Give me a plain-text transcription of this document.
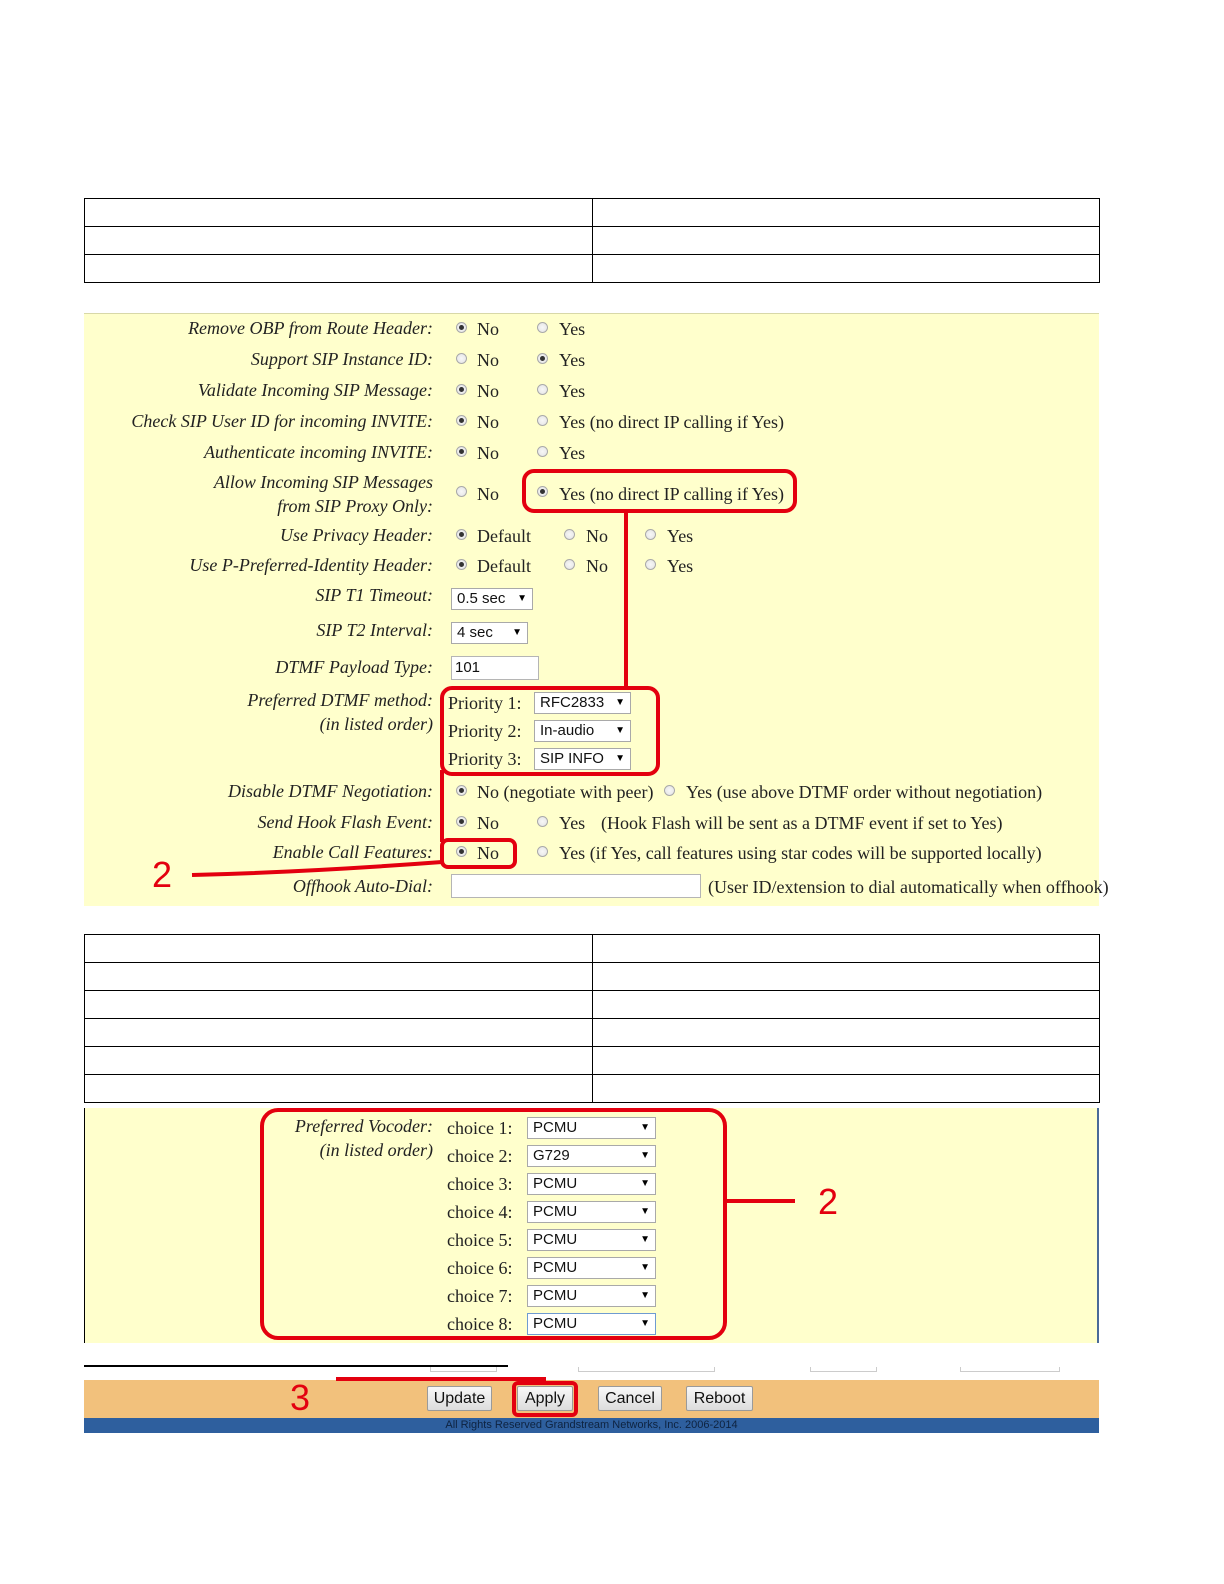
Remove OBP from Route Header: No	Yes
Support SIP Instance ID: No	Yes
Validate Incoming SIP Message: No	Yes
Check SIP User ID for incoming INVITE: No	Yes (no direct IP calling if Yes)
Authenticate incoming INVITE: No	Yes
Allow Incoming SIP Messages
from SIP Proxy Only:
No	Yes (no direct IP calling if Yes)
Use Privacy Header: Default	No	Yes
Use P-Preferred-Identity Header: Default	No	Yes
SIP T1 Timeout:	0.5 sec ▼
SIP T2 Interval:	4 sec ▼
DTMF Payload Type: 101
Preferred DTMF method:
(in listed order)
Priority 1:	RFC2833 ▼
Priority 2:	In-audio ▼
Priority 3:	SIP INFO ▼
Disable DTMF Negotiation: No (negotiate with peer) Yes (use above DTMF order without negotiation)
Send Hook Flash Event: No	Yes (Hook Flash will be sent as a DTMF event if set to Yes)
Enable Call Features: No	Yes (if Yes, call features using star codes will be supported locally)
Offhook Auto-Dial:	(User ID/extension to dial automatically when offhook)
2

Preferred Vocoder:
(in listed order)
choice 1:	PCMU	▼
choice 2:	G729	▼
choice 3:	PCMU	▼
choice 4:	PCMU	▼
choice 5:	PCMU	▼
choice 6:	PCMU	▼
choice 7:	PCMU	▼
choice 8:	PCMU	▼
2
Update	Apply	Cancel	Reboot
All Rights Reserved Grandstream Networks, Inc. 2006-2014
3
